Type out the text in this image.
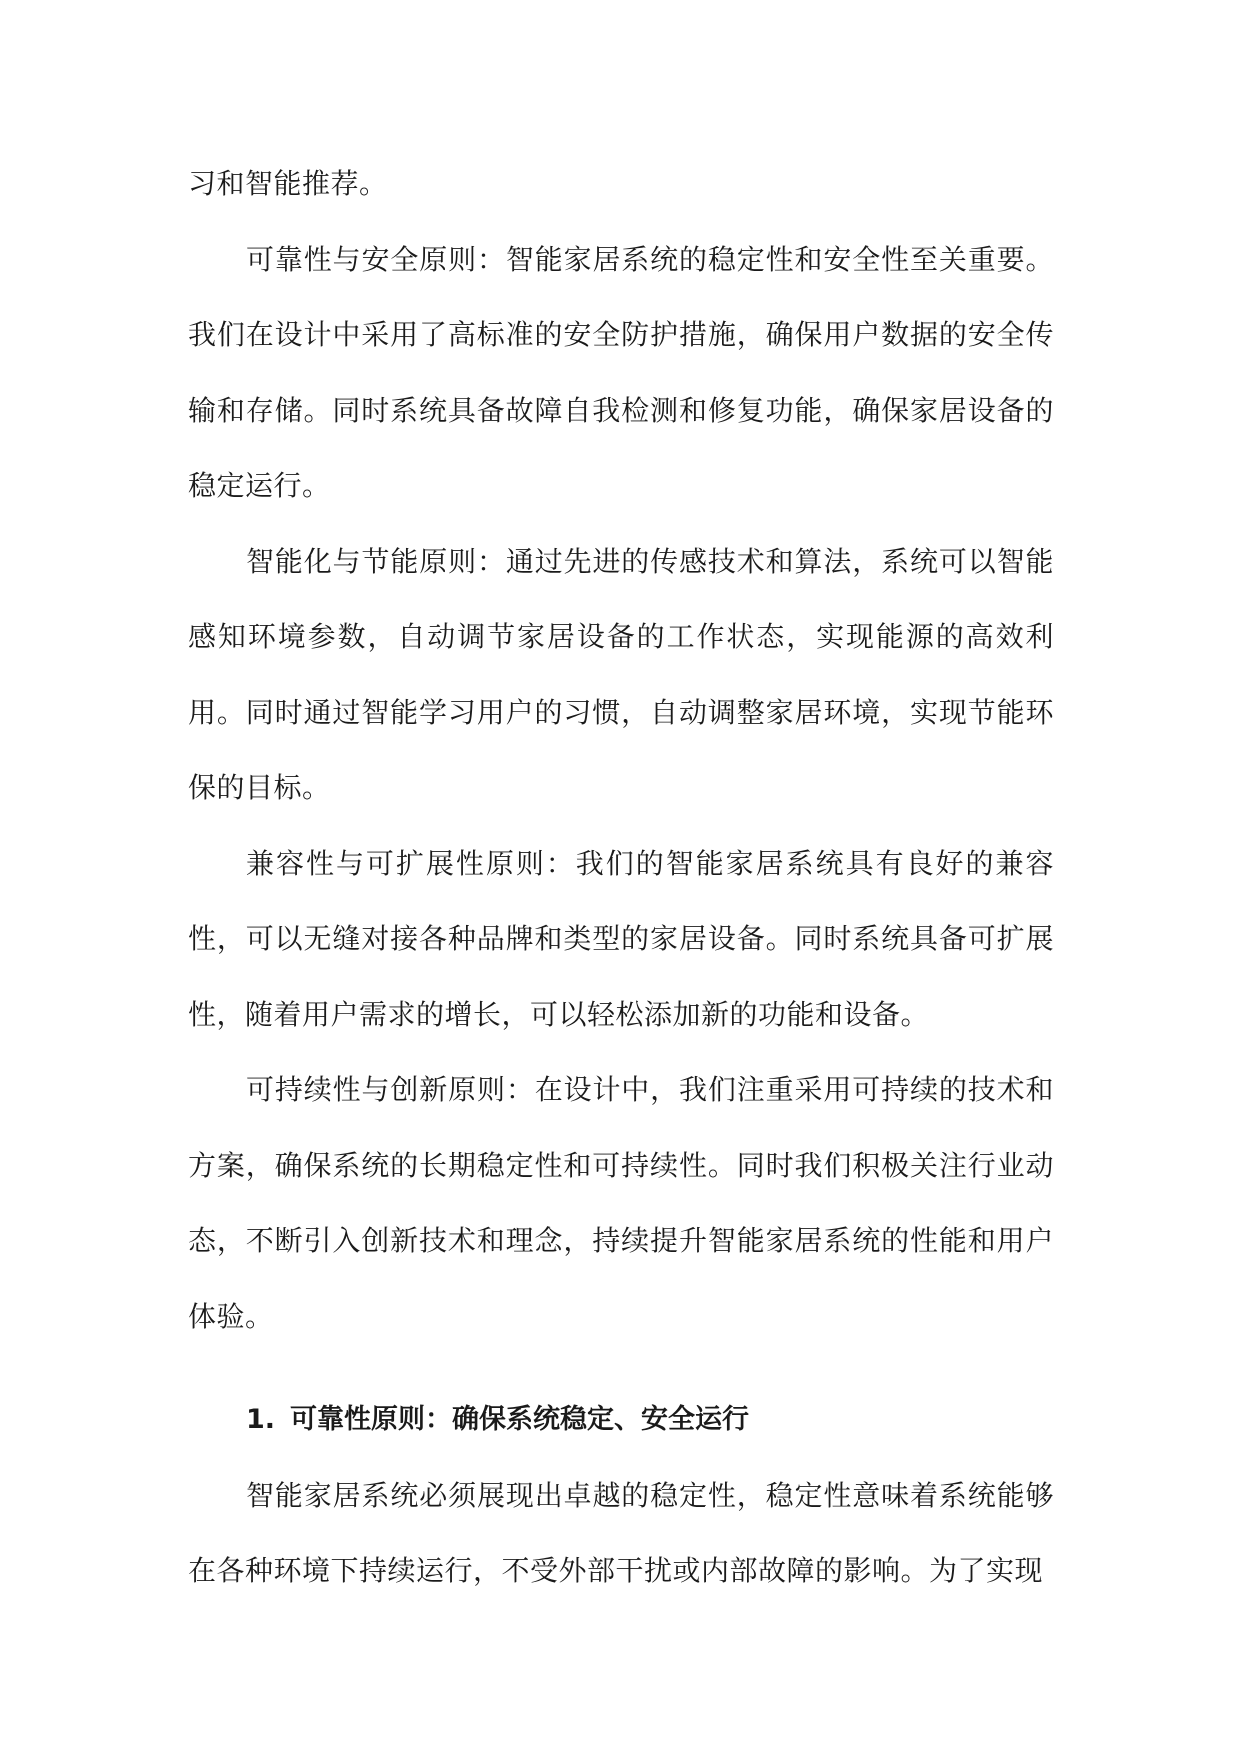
习和智能推荐。

可靠性与安全原则：智能家居系统的稳定性和安全性至关重要。我们在设计中采用了高标准的安全防护措施，确保用户数据的安全传输和存储。同时系统具备故障自我检测和修复功能，确保家居设备的稳定运行。

智能化与节能原则：通过先进的传感技术和算法，系统可以智能感知环境参数，自动调节家居设备的工作状态，实现能源的高效利用。同时通过智能学习用户的习惯，自动调整家居环境，实现节能环保的目标。

兼容性与可扩展性原则：我们的智能家居系统具有良好的兼容性，可以无缝对接各种品牌和类型的家居设备。同时系统具备可扩展性，随着用户需求的增长，可以轻松添加新的功能和设备。

可持续性与创新原则：在设计中，我们注重采用可持续的技术和方案，确保系统的长期稳定性和可持续性。同时我们积极关注行业动态，不断引入创新技术和理念，持续提升智能家居系统的性能和用户体验。

1. 可靠性原则：确保系统稳定、安全运行

智能家居系统必须展现出卓越的稳定性，稳定性意味着系统能够在各种环境下持续运行，不受外部干扰或内部故障的影响。为了实现
